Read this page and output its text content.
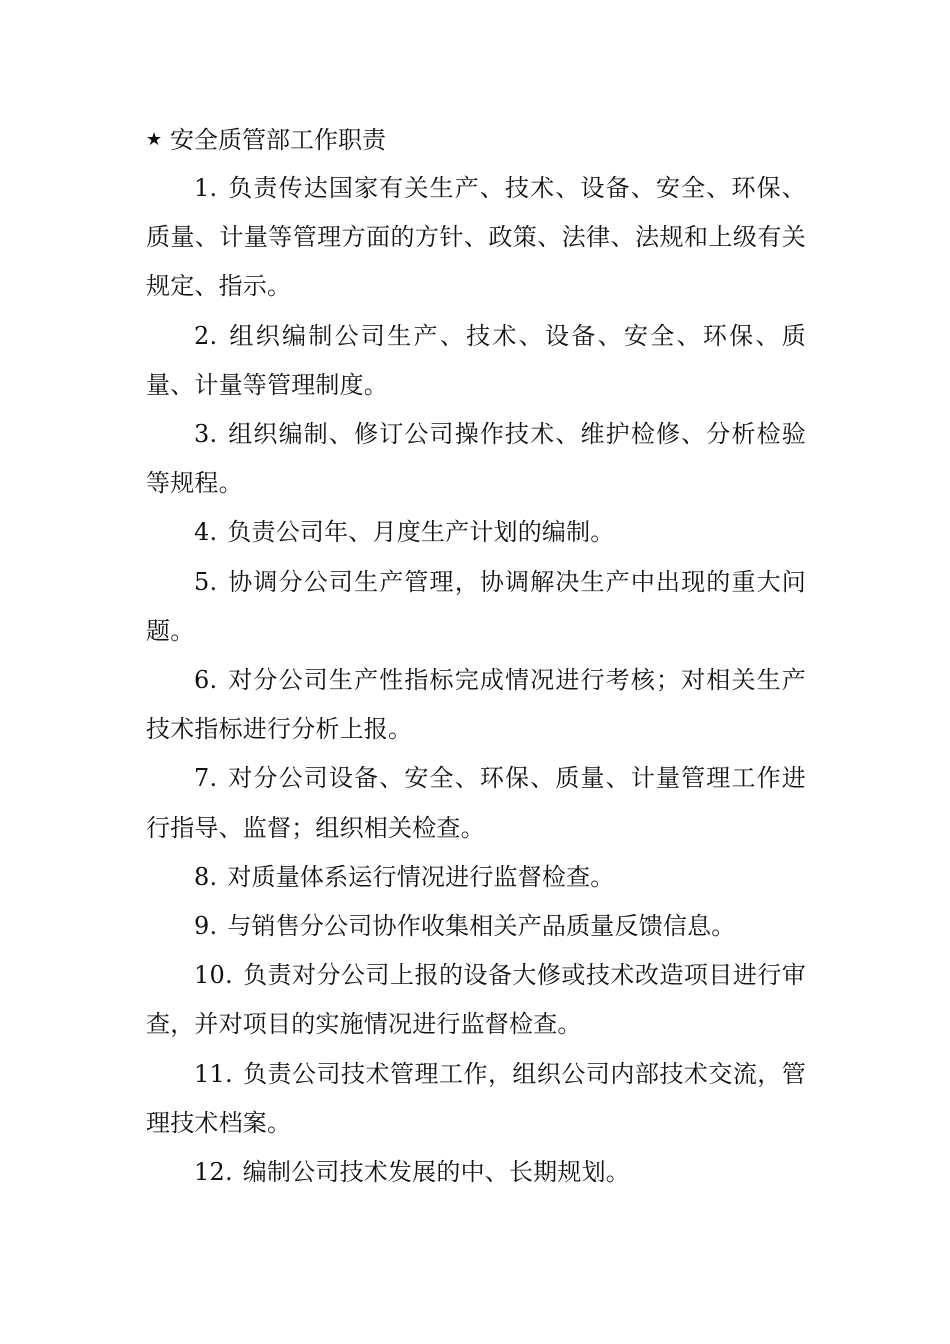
★ 安全质管部工作职责

1. 负责传达国家有关生产、技术、设备、安全、环保、质量、计量等管理方面的方针、政策、法律、法规和上级有关规定、指示。

2. 组织编制公司生产、技术、设备、安全、环保、质量、计量等管理制度。

3. 组织编制、修订公司操作技术、维护检修、分析检验等规程。

4. 负责公司年、月度生产计划的编制。

5. 协调分公司生产管理，协调解决生产中出现的重大问题。

6. 对分公司生产性指标完成情况进行考核；对相关生产技术指标进行分析上报。

7. 对分公司设备、安全、环保、质量、计量管理工作进行指导、监督；组织相关检查。

8. 对质量体系运行情况进行监督检查。

9. 与销售分公司协作收集相关产品质量反馈信息。

10. 负责对分公司上报的设备大修或技术改造项目进行审查，并对项目的实施情况进行监督检查。

11. 负责公司技术管理工作，组织公司内部技术交流，管理技术档案。

12. 编制公司技术发展的中、长期规划。
